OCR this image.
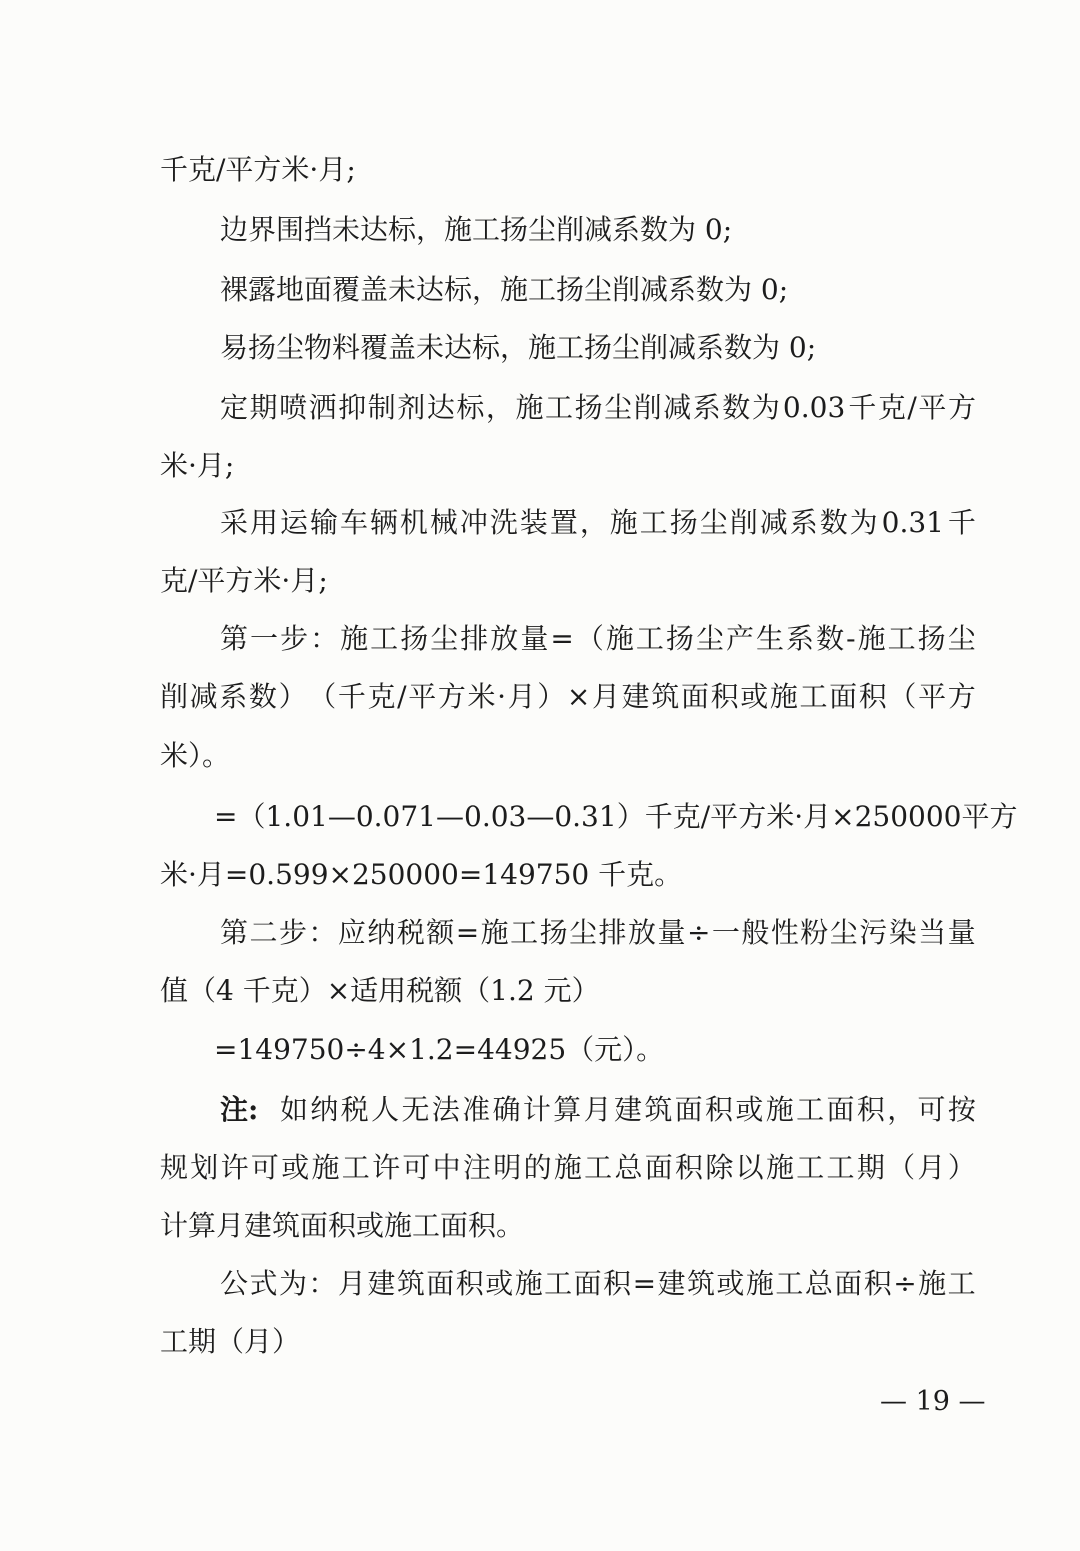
千克/平方米·月;
边界围挡未达标，施工扬尘削减系数为 0;
裸露地面覆盖未达标，施工扬尘削减系数为 0;
易扬尘物料覆盖未达标，施工扬尘削减系数为 0;
定 期 喷 洒 抑 制 剂 达 标 ， 施 工 扬 尘 削 减 系 数 为 0.03 千 克 / 平 方
米·月;
采 用 运 输 车 辆 机 械 冲 洗 装 置 ， 施 工 扬 尘 削 减 系 数 为 0.31 千
克/平方米·月;
第 一 步 ： 施 工 扬 尘 排 放 量 = （ 施 工 扬 尘 产 生 系 数 - 施 工 扬 尘
削 减 系 数 ） （ 千 克 / 平 方 米 · 月 ） × 月 建 筑 面 积 或 施 工 面 积 （ 平 方
米）。
= （ 1.01 — 0.071 — 0.03 — 0.31 ） 千 克 / 平 方 米 · 月 × 250000 平 方
米·月=0.599×250000=149750 千克。
第 二 步 ： 应 纳 税 额 = 施 工 扬 尘 排 放 量 ÷ 一 般 性 粉 尘 污 染 当 量
值（4 千克）×适用税额（1.2 元）
=149750÷4×1.2=44925（元）。
注: 如 纳 税 人 无 法 准 确 计 算 月 建 筑 面 积 或 施 工 面 积 ， 可 按
规 划 许 可 或 施 工 许 可 中 注 明 的 施 工 总 面 积 除 以 施 工 工 期 （ 月 ）
计算月建筑面积或施工面积。
公 式 为 ： 月 建 筑 面 积 或 施 工 面 积 = 建 筑 或 施 工 总 面 积 ÷ 施 工
工期（月）
— 19 —
